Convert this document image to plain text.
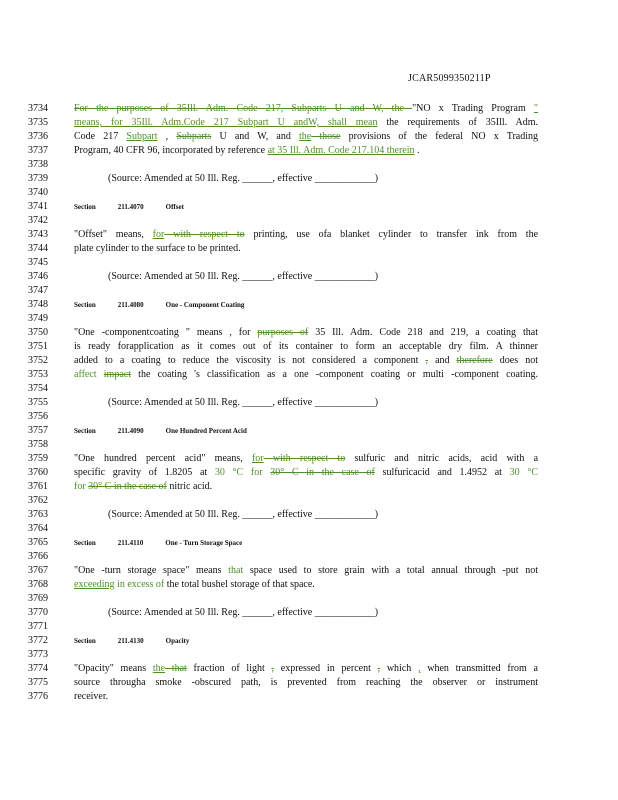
JCAR5099350211P
3734	For the purposes of 35Ill. Adm. Code 217, Subparts U and W, the "NO x Trading Program "
3735	means, for 35Ill. Adm.Code 217 Subpart U andW, shall mean the requirements of 35Ill. Adm.
3736	Code 217 Subpart , Subparts U and W, and the those provisions of the federal NO x Trading
3737	Program, 40 CFR 96, incorporated by reference at 35 Ill. Adm. Code 217.104 therein .
3738
3739	(Source: Amended at 50 Ill. Reg. ______, effective ____________)
3740
3741	Section	211.4070	Offset
3742
3743	"Offset" means, for with respect to printing, use ofa blanket cylinder to transfer ink from the
3744	plate cylinder to the surface to be printed.
3745
3746	(Source: Amended at 50 Ill. Reg. ______, effective ____________)
3747
3748	Section	211.4080	One - Component Coating
3749
3750	"One -componentcoating " means , for purposes of 35 Ill. Adm. Code 218 and 219, a coating that
3751	is ready forapplication as it comes out of its container to form an acceptable dry film. A thinner
3752	added to a coating to reduce the viscosity is not considered a component , and therefore does not
3753	affect impact the coating 's classification as a one -component coating or multi -component coating.
3754
3755	(Source: Amended at 50 Ill. Reg. ______, effective ____________)
3756
3757	Section	211.4090	One Hundred Percent Acid
3758
3759	"One hundred percent acid" means, for with respect to sulfuric and nitric acids, acid with a
3760	specific gravity of 1.8205 at 30 °C for 30° C in the case of sulfuricacid and 1.4952 at 30 °C
3761	for 30° C in the case of nitric acid.
3762
3763	(Source: Amended at 50 Ill. Reg. ______, effective ____________)
3764
3765	Section	211.4110	One - Turn Storage Space
3766
3767	"One -turn storage space" means that space used to store grain with a total annual through -put not
3768	exceeding in excess of the total bushel storage of that space.
3769
3770	(Source: Amended at 50 Ill. Reg. ______, effective ____________)
3771
3772	Section	211.4130	Opacity
3773
3774	"Opacity" means the that fraction of light , expressed in percent , which , when transmitted from a
3775	source througha smoke -obscured path, is prevented from reaching the observer or instrument
3776	receiver.
